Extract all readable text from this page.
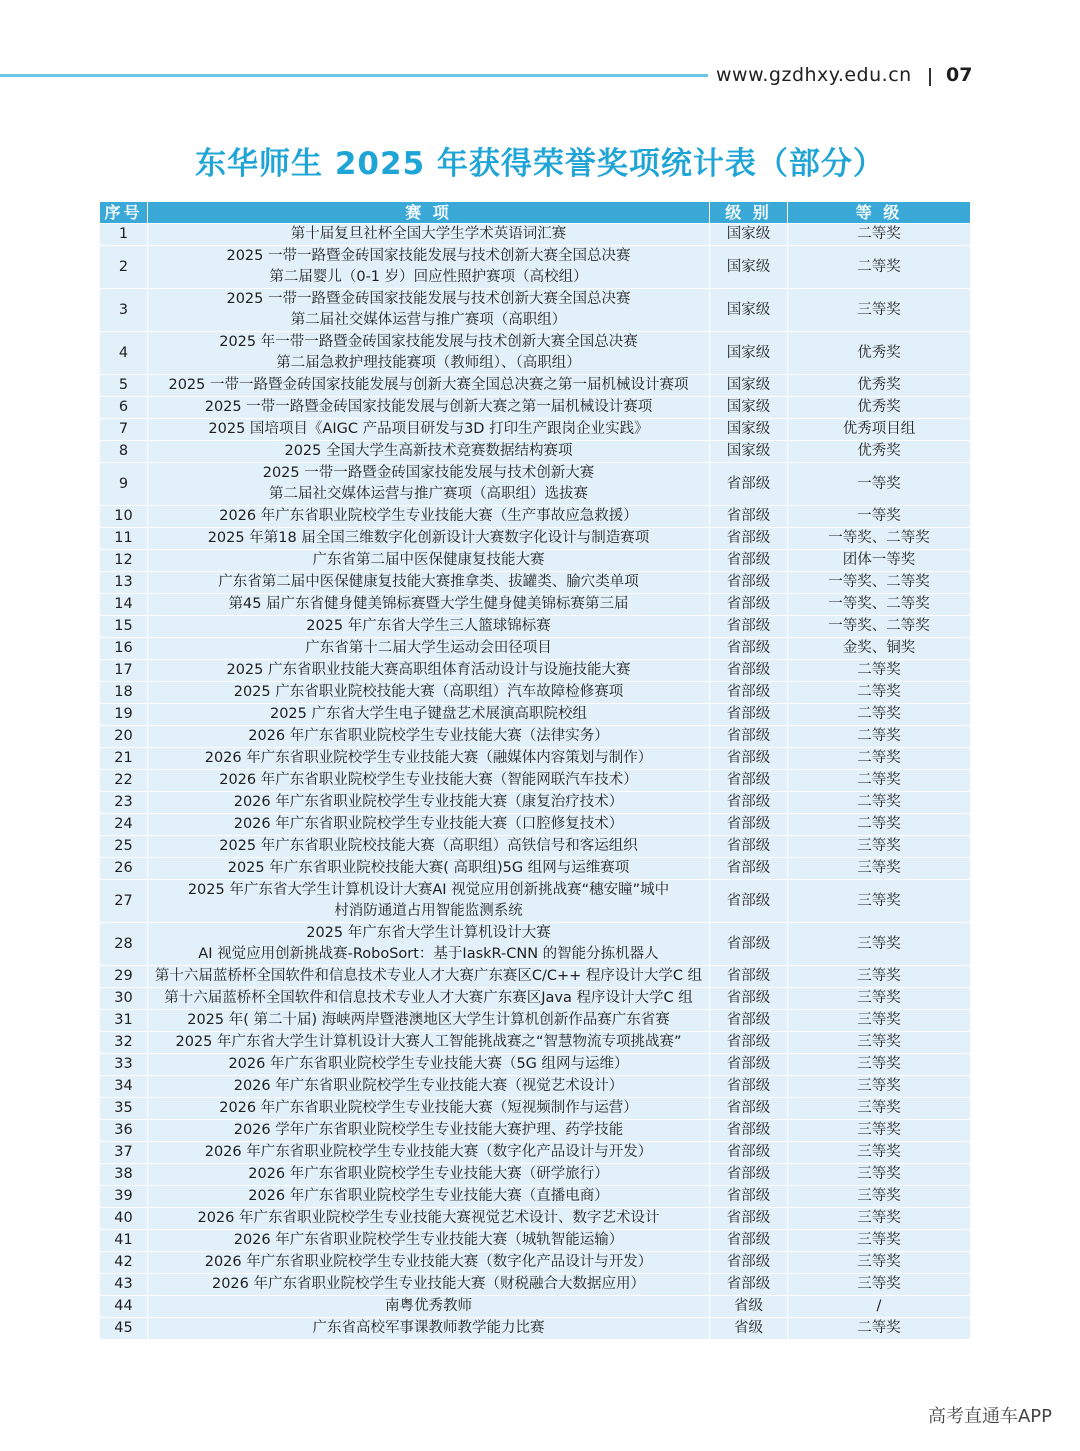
www.gzdhxy.edu.cn 07
东华师生 2025 年获得荣誉奖项统计表（部分）
序号	赛 项	级 别	等 级
1	第十届复旦社杯全国大学生学术英语词汇赛	国家级	二等奖
2	2025 一带一路暨金砖国家技能发展与技术创新大赛全国总决赛
第二届婴儿（0-1 岁）回应性照护赛项（高校组）	国家级	二等奖
3	2025 一带一路暨金砖国家技能发展与技术创新大赛全国总决赛
第二届社交媒体运营与推广赛项（高职组）	国家级	三等奖
4	2025 年一带一路暨金砖国家技能发展与技术创新大赛全国总决赛
第二届急救护理技能赛项（教师组）、（高职组）	国家级	优秀奖
5	2025 一带一路暨金砖国家技能发展与创新大赛全国总决赛之第一届机械设计赛项	国家级	优秀奖
6	2025 一带一路暨金砖国家技能发展与创新大赛之第一届机械设计赛项	国家级	优秀奖
7	2025 国培项目《AIGC 产品项目研发与3D 打印生产跟岗企业实践》	国家级	优秀项目组
8	2025 全国大学生高新技术竞赛数据结构赛项	国家级	优秀奖
9	2025 一带一路暨金砖国家技能发展与技术创新大赛
第二届社交媒体运营与推广赛项（高职组）选拔赛	省部级	一等奖
10	2026 年广东省职业院校学生专业技能大赛（生产事故应急救援）	省部级	一等奖
11	2025 年第18 届全国三维数字化创新设计大赛数字化设计与制造赛项	省部级	一等奖、二等奖
12	广东省第二届中医保健康复技能大赛	省部级	团体一等奖
13	广东省第二届中医保健康复技能大赛推拿类、拔罐类、腧穴类单项	省部级	一等奖、二等奖
14	第45 届广东省健身健美锦标赛暨大学生健身健美锦标赛第三届	省部级	一等奖、二等奖
15	2025 年广东省大学生三人篮球锦标赛	省部级	一等奖、二等奖
16	广东省第十二届大学生运动会田径项目	省部级	金奖、铜奖
17	2025 广东省职业技能大赛高职组体育活动设计与设施技能大赛	省部级	二等奖
18	2025 广东省职业院校技能大赛（高职组）汽车故障检修赛项	省部级	二等奖
19	2025 广东省大学生电子键盘艺术展演高职院校组	省部级	二等奖
20	2026 年广东省职业院校学生专业技能大赛（法律实务）	省部级	二等奖
21	2026 年广东省职业院校学生专业技能大赛（融媒体内容策划与制作）	省部级	二等奖
22	2026 年广东省职业院校学生专业技能大赛（智能网联汽车技术）	省部级	二等奖
23	2026 年广东省职业院校学生专业技能大赛（康复治疗技术）	省部级	二等奖
24	2026 年广东省职业院校学生专业技能大赛（口腔修复技术）	省部级	二等奖
25	2025 年广东省职业院校技能大赛（高职组）高铁信号和客运组织	省部级	三等奖
26	2025 年广东省职业院校技能大赛( 高职组)5G 组网与运维赛项	省部级	三等奖
27	2025 年广东省大学生计算机设计大赛AI 视觉应用创新挑战赛“穗安瞳”城中
村消防通道占用智能监测系统	省部级	三等奖
28	2025 年广东省大学生计算机设计大赛
AI 视觉应用创新挑战赛-RoboSort：基于IaskR-CNN 的智能分拣机器人	省部级	三等奖
29	第十六届蓝桥杯全国软件和信息技术专业人才大赛广东赛区C/C++ 程序设计大学C 组	省部级	三等奖
30	第十六届蓝桥杯全国软件和信息技术专业人才大赛广东赛区Java 程序设计大学C 组	省部级	三等奖
31	2025 年( 第二十届) 海峡两岸暨港澳地区大学生计算机创新作品赛广东省赛	省部级	三等奖
32	2025 年广东省大学生计算机设计大赛人工智能挑战赛之“智慧物流专项挑战赛”	省部级	三等奖
33	2026 年广东省职业院校学生专业技能大赛（5G 组网与运维）	省部级	三等奖
34	2026 年广东省职业院校学生专业技能大赛（视觉艺术设计）	省部级	三等奖
35	2026 年广东省职业院校学生专业技能大赛（短视频制作与运营）	省部级	三等奖
36	2026 学年广东省职业院校学生专业技能大赛护理、药学技能	省部级	三等奖
37	2026 年广东省职业院校学生专业技能大赛（数字化产品设计与开发）	省部级	三等奖
38	2026 年广东省职业院校学生专业技能大赛（研学旅行）	省部级	三等奖
39	2026 年广东省职业院校学生专业技能大赛（直播电商）	省部级	三等奖
40	2026 年广东省职业院校学生专业技能大赛视觉艺术设计、数字艺术设计	省部级	三等奖
41	2026 年广东省职业院校学生专业技能大赛（城轨智能运输）	省部级	三等奖
42	2026 年广东省职业院校学生专业技能大赛（数字化产品设计与开发）	省部级	三等奖
43	2026 年广东省职业院校学生专业技能大赛（财税融合大数据应用）	省部级	三等奖
44	南粤优秀教师	省级	/
45	广东省高校军事课教师教学能力比赛	省级	二等奖
高考直通车APP
